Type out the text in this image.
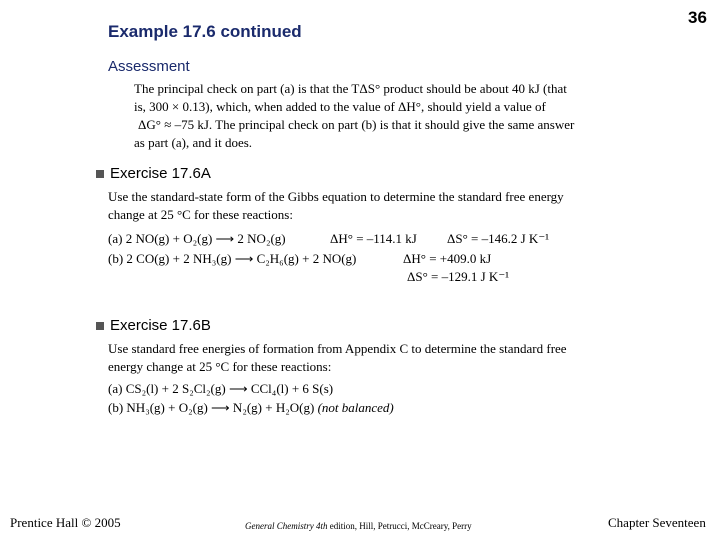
Example 17.6 continued
36
Assessment
The principal check on part (a) is that the TΔS° product should be about 40 kJ (that
is, 300 × 0.13), which, when added to the value of ΔH°, should yield a value of
ΔG° ≈ –75 kJ. The principal check on part (b) is that it should give the same answer
as part (a), and it does.
Exercise 17.6A
Use the standard-state form of the Gibbs equation to determine the standard free energy
change at 25 °C for these reactions:
(a) 2 NO(g) + O₂(g) ⟶ 2 NO₂(g)	ΔH° = –114.1 kJ ΔS° = –146.2 J K⁻¹
(b) 2 CO(g) + 2 NH₃(g) ⟶ C₂H₆(g) + 2 NO(g)	ΔH° = +409.0 kJ
ΔS° = –129.1 J K⁻¹
Exercise 17.6B
Use standard free energies of formation from Appendix C to determine the standard free
energy change at 25 °C for these reactions:
(a) CS₂(l) + 2 S₂Cl₂(g) ⟶ CCl₄(l) + 6 S(s)
(b) NH₃(g) + O₂(g) ⟶ N₂(g) + H₂O(g) (not balanced)
Prentice Hall © 2005	General Chemistry 4th edition, Hill, Petrucci, McCreary, Perry	Chapter Seventeen
